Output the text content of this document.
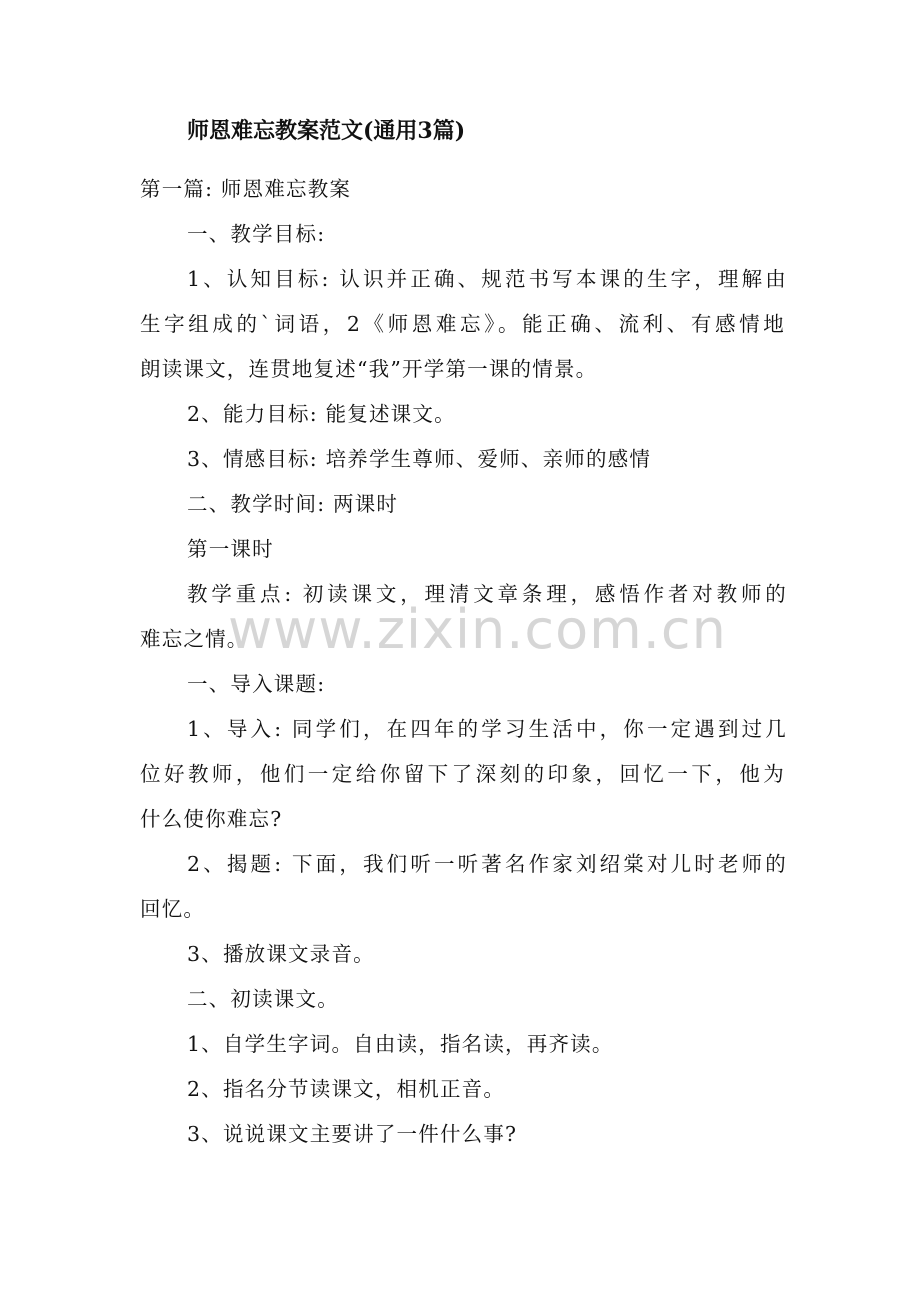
师恩难忘教案范文(通用3篇)
第一篇: 师恩难忘教案
一、教学目标:
1、认知目标: 认识并正确、规范书写本课的生字，理解由
生字组成的`词语，2《师恩难忘》。能正确、流利、有感情地
朗读课文，连贯地复述“我”开学第一课的情景。
2、能力目标: 能复述课文。
3、情感目标: 培养学生尊师、爱师、亲师的感情
二、教学时间: 两课时
第一课时
教学重点: 初读课文，理清文章条理，感悟作者对教师的
难忘之情。
一、导入课题:
1、导入: 同学们，在四年的学习生活中，你一定遇到过几
位好教师，他们一定给你留下了深刻的印象，回忆一下，他为
什么使你难忘?
2、揭题: 下面，我们听一听著名作家刘绍棠对儿时老师的
回忆。
3、播放课文录音。
二、初读课文。
1、自学生字词。自由读，指名读，再齐读。
2、指名分节读课文，相机正音。
3、说说课文主要讲了一件什么事?
www.zixin.com.cn
